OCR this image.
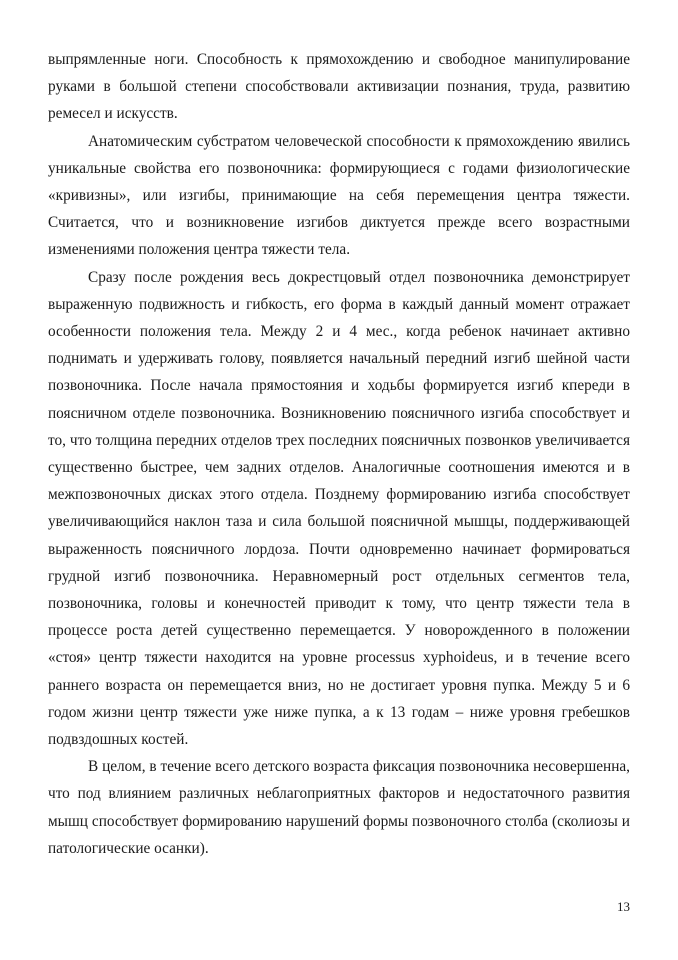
выпрямленные ноги. Способность к прямохождению и свободное манипулирование руками в большой степени способствовали активизации познания, труда, развитию ремесел и искусств.

Анатомическим субстратом человеческой способности к прямохождению явились уникальные свойства его позвоночника: формирующиеся с годами физиологические «кривизны», или изгибы, принимающие на себя перемещения центра тяжести. Считается, что и возникновение изгибов диктуется прежде всего возрастными изменениями положения центра тяжести тела.

Сразу после рождения весь докрестцовый отдел позвоночника демонстрирует выраженную подвижность и гибкость, его форма в каждый данный момент отражает особенности положения тела. Между 2 и 4 мес., когда ребенок начинает активно поднимать и удерживать голову, появляется начальный передний изгиб шейной части позвоночника. После начала прямостояния и ходьбы формируется изгиб кпереди в поясничном отделе позвоночника. Возникновению поясничного изгиба способствует и то, что толщина передних отделов трех последних поясничных позвонков увеличивается существенно быстрее, чем задних отделов. Аналогичные соотношения имеются и в межпозвоночных дисках этого отдела. Позднему формированию изгиба способствует увеличивающийся наклон таза и сила большой поясничной мышцы, поддерживающей выраженность поясничного лордоза. Почти одновременно начинает формироваться грудной изгиб позвоночника. Неравномерный рост отдельных сегментов тела, позвоночника, головы и конечностей приводит к тому, что центр тяжести тела в процессе роста детей существенно перемещается. У новорожденного в положении «стоя» центр тяжести находится на уровне processus xyphoideus, и в течение всего раннего возраста он перемещается вниз, но не достигает уровня пупка. Между 5 и 6 годом жизни центр тяжести уже ниже пупка, а к 13 годам – ниже уровня гребешков подвздошных костей.

В целом, в течение всего детского возраста фиксация позвоночника несовершенна, что под влиянием различных неблагоприятных факторов и недостаточного развития мышц способствует формированию нарушений формы позвоночного столба (сколиозы и патологические осанки).

13
